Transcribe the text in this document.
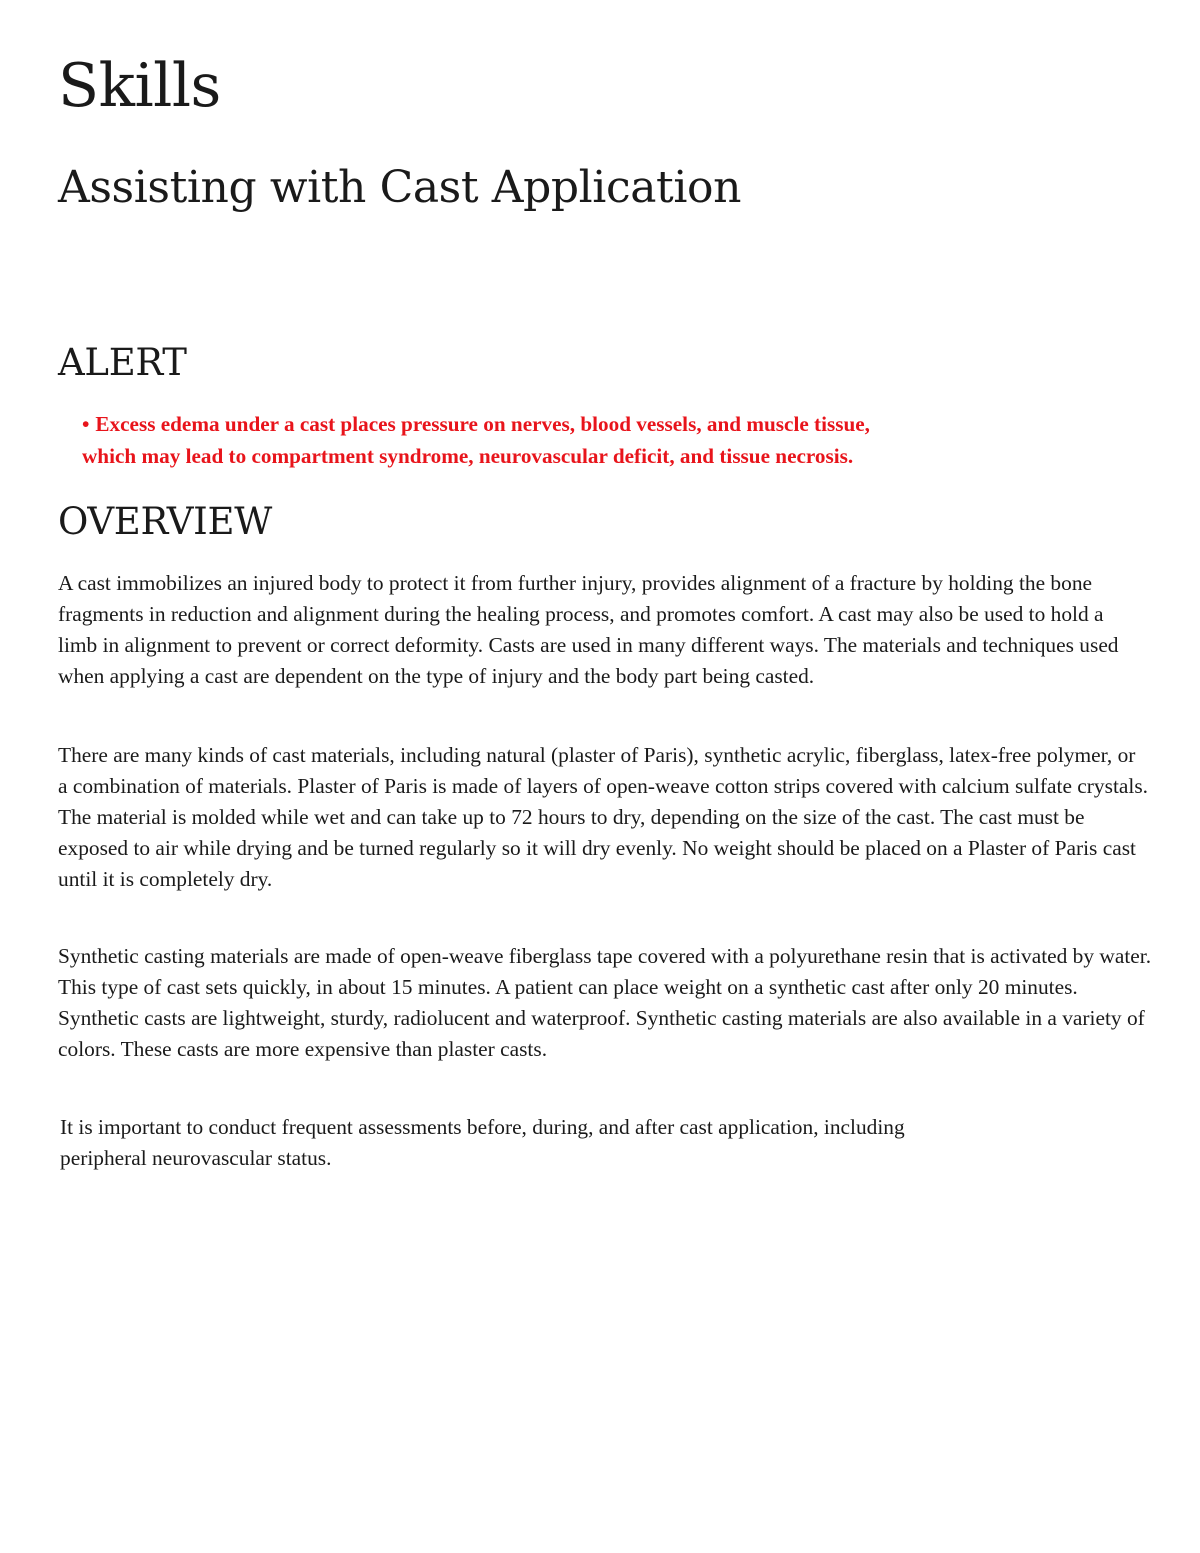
Skills
Assisting with Cast Application
ALERT
• Excess edema under a cast places pressure on nerves, blood vessels, and muscle tissue,
which may lead to compartment syndrome, neurovascular deficit, and tissue necrosis.
OVERVIEW

A cast immobilizes an injured body to protect it from further injury, provides alignment of a fracture by holding the bone fragments in reduction and alignment during the healing process, and promotes comfort. A cast may also be used to hold a limb in alignment to prevent or correct deformity. Casts are used in many different ways. The materials and techniques used when applying a cast are dependent on the type of injury and the body part being casted.

There are many kinds of cast materials, including natural (plaster of Paris), synthetic acrylic, fiberglass, latex-free polymer, or a combination of materials. Plaster of Paris is made of layers of open-weave cotton strips covered with calcium sulfate crystals. The material is molded while wet and can take up to 72 hours to dry, depending on the size of the cast. The cast must be exposed to air while drying and be turned regularly so it will dry evenly. No weight should be placed on a Plaster of Paris cast until it is completely dry.

Synthetic casting materials are made of open-weave fiberglass tape covered with a polyurethane resin that is activated by water. This type of cast sets quickly, in about 15 minutes. A patient can place weight on a synthetic cast after only 20 minutes. Synthetic casts are lightweight, sturdy, radiolucent and waterproof. Synthetic casting materials are also available in a variety of colors. These casts are more expensive than plaster casts.

It is important to conduct frequent assessments before, during, and after cast application, including peripheral neurovascular status.
